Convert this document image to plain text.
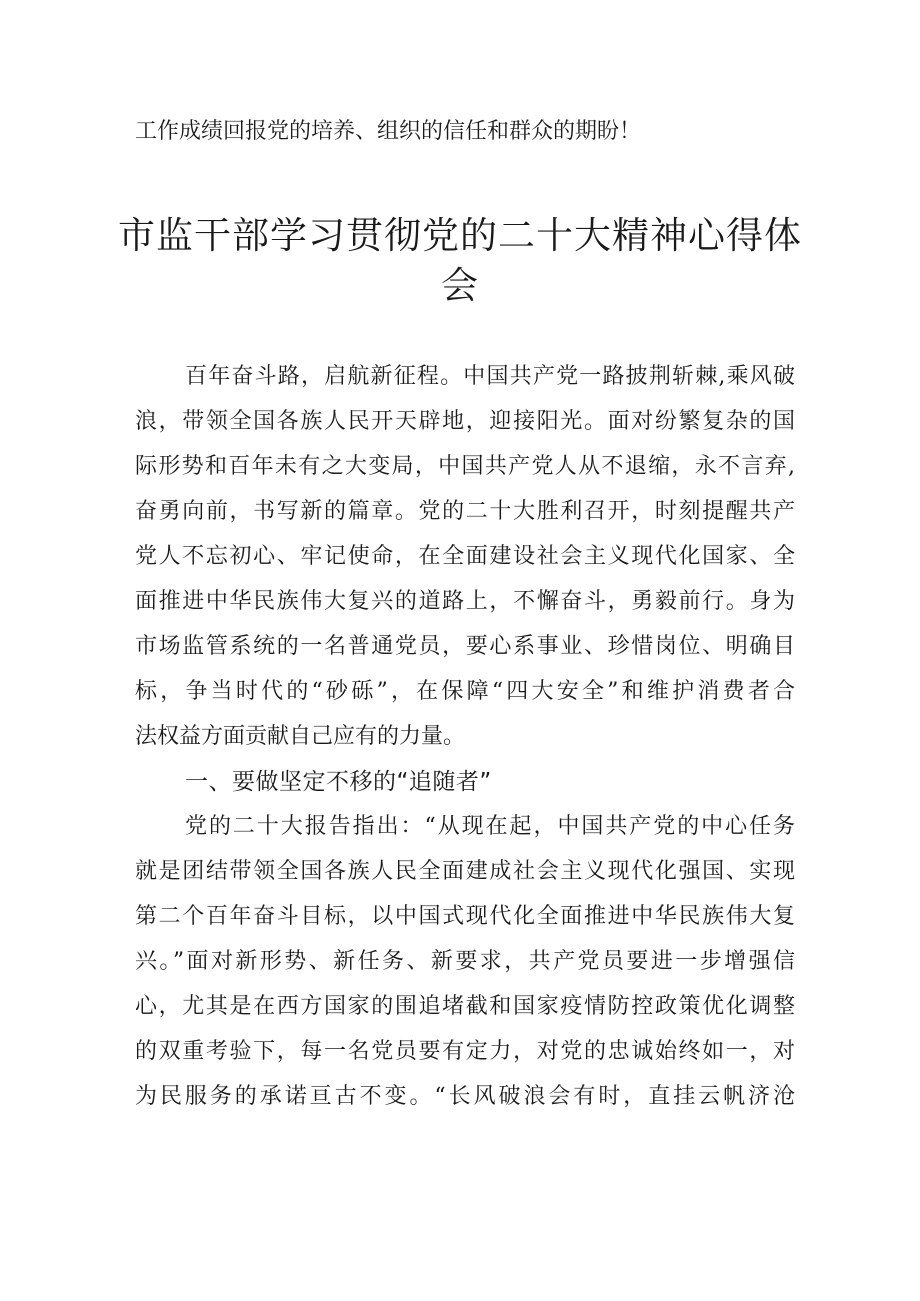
工作成绩回报党的培养、组织的信任和群众的期盼！
市监干部学习贯彻党的二十大精神心得体
会
百年奋斗路，启航新征程。中国共产党一路披荆斩棘,乘风破
浪，带领全国各族人民开天辟地，迎接阳光。面对纷繁复杂的国
际形势和百年未有之大变局，中国共产党人从不退缩，永不言弃,
奋勇向前，书写新的篇章。党的二十大胜利召开，时刻提醒共产
党人不忘初心、牢记使命，在全面建设社会主义现代化国家、全
面推进中华民族伟大复兴的道路上，不懈奋斗，勇毅前行。身为
市场监管系统的一名普通党员，要心系事业、珍惜岗位、明确目
标，争当时代的“砂砾”，在保障“四大安全”和维护消费者合
法权益方面贡献自己应有的力量。
一、要做坚定不移的“追随者”
党的二十大报告指出：“从现在起，中国共产党的中心任务
就是团结带领全国各族人民全面建成社会主义现代化强国、实现
第二个百年奋斗目标，以中国式现代化全面推进中华民族伟大复
兴。”面对新形势、新任务、新要求，共产党员要进一步增强信
心，尤其是在西方国家的围追堵截和国家疫情防控政策优化调整
的双重考验下，每一名党员要有定力，对党的忠诚始终如一，对
为民服务的承诺亘古不变。“长风破浪会有时，直挂云帆济沧
